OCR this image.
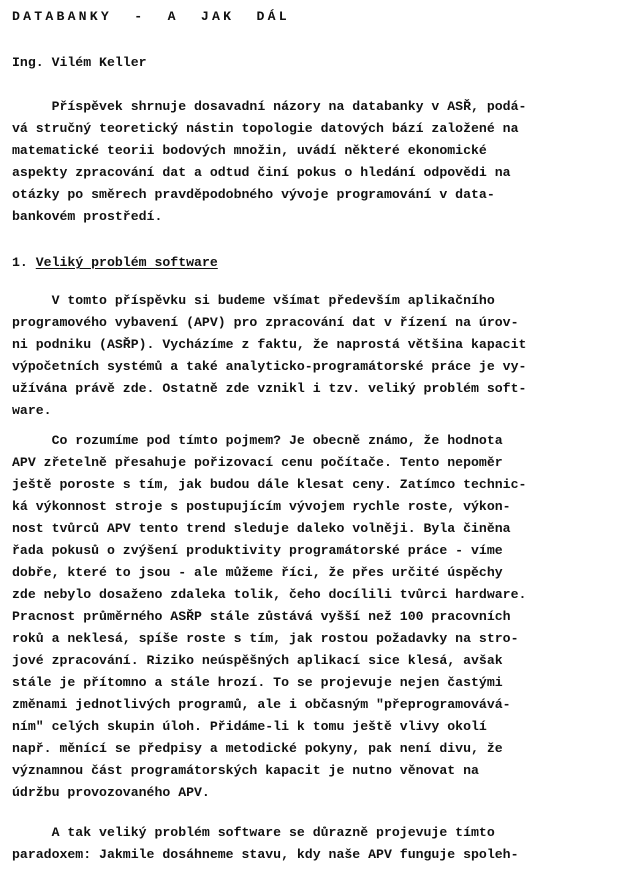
DATABANKY  -  A  JAK  DÁL
Ing. Vilém Keller
Příspěvek shrnuje dosavadní názory na databanky v ASŘ, podá-
vá stručný teoretický nástin topologie datových bází založené na
matematické teorii bodových množin, uvádí některé ekonomické
aspekty zpracování dat a odtud činí pokus o hledání odpovědi na
otázky po směrech pravděpodobného vývoje programování v data-
bankovém prostředí.
1. Veliký problém software
V tomto příspěvku si budeme všímat především aplikačního
programového vybavení (APV) pro zpracování dat v řízení na úrov-
ni podniku (ASŘP). Vycházíme z faktu, že naprostá většina kapacit
výpočetních systémů a také analyticko-programátorské práce je vy-
užívána právě zde. Ostatně zde vznikl i tzv. veliký problém soft-
ware.
Co rozumíme pod tímto pojmem? Je obecně známo, že hodnota
APV zřetelně přesahuje pořizovací cenu počítače. Tento nepoměr
ještě poroste s tím, jak budou dále klesat ceny. Zatímco techniс-
ká výkonnost stroje s postupujícím vývojem rychle roste, výkon-
nost tvůrců APV tento trend sleduje daleko volněji. Byla činěna
řada pokusů o zvýšení produktivity programátorské práce - víme
dobře, které to jsou - ale můžeme říci, že přes určité úspěchy
zde nebylo dosaženo zdaleka tolik, čeho docílili tvůrci hardware.
Pracnost průměrného ASŘP stále zůstává vyšší než 100 pracovních
roků a neklesá, spíše roste s tím, jak rostou požadavky na stro-
jové zpracování. Riziko neúspěšných aplikací sice klesá, avšak
stále je přítomno a stále hrozí. To se projevuje nejen častými
změnami jednotlivých programů, ale i občasným "přeprogramovává-
ním" celých skupin úloh. Přidáme-li k tomu ještě vlivy okolí
např. měnící se předpisy a metodické pokyny, pak není divu, že
významnou část programátorských kapacit je nutno věnovat na
údržbu provozovaného APV.
A tak veliký problém software se důrazně projevuje tímto
paradoxem: Jakmile dosáhneme stavu, kdy naše APV funguje spoleh-
